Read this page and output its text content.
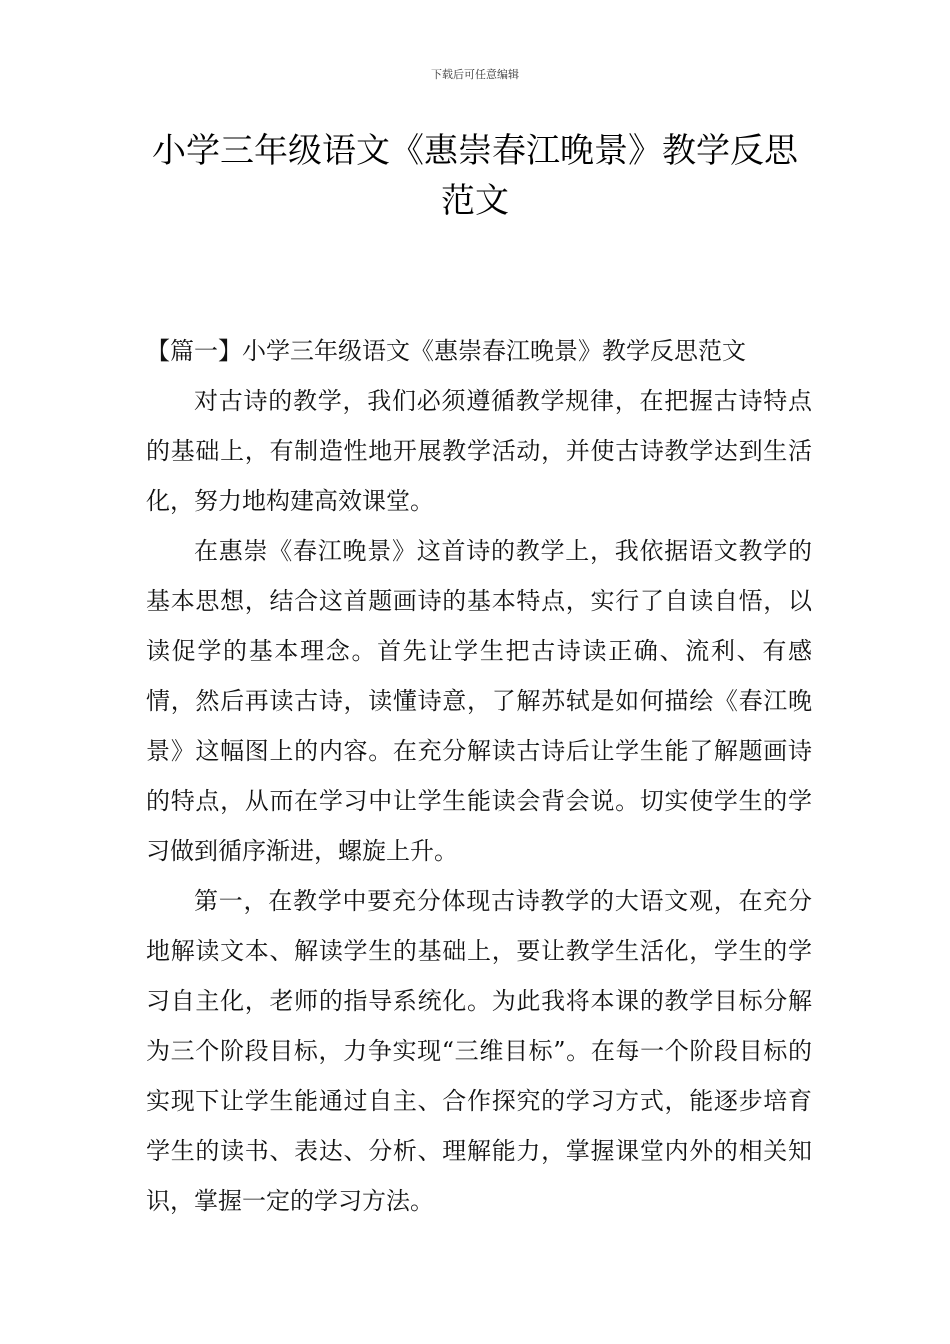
下载后可任意编辑

小学三年级语文《惠崇春江晚景》教学反思范文

【篇一】小学三年级语文《惠崇春江晚景》教学反思范文

对古诗的教学，我们必须遵循教学规律，在把握古诗特点的基础上，有制造性地开展教学活动，并使古诗教学达到生活化，努力地构建高效课堂。

在惠崇《春江晚景》这首诗的教学上，我依据语文教学的基本思想，结合这首题画诗的基本特点，实行了自读自悟，以读促学的基本理念。首先让学生把古诗读正确、流利、有感情，然后再读古诗，读懂诗意，了解苏轼是如何描绘《春江晚景》这幅图上的内容。在充分解读古诗后让学生能了解题画诗的特点，从而在学习中让学生能读会背会说。切实使学生的学习做到循序渐进，螺旋上升。

第一，在教学中要充分体现古诗教学的大语文观，在充分地解读文本、解读学生的基础上，要让教学生活化，学生的学习自主化，老师的指导系统化。为此我将本课的教学目标分解为三个阶段目标，力争实现“三维目标”。在每一个阶段目标的实现下让学生能通过自主、合作探究的学习方式，能逐步培育学生的读书、表达、分析、理解能力，掌握课堂内外的相关知识，掌握一定的学习方法。
